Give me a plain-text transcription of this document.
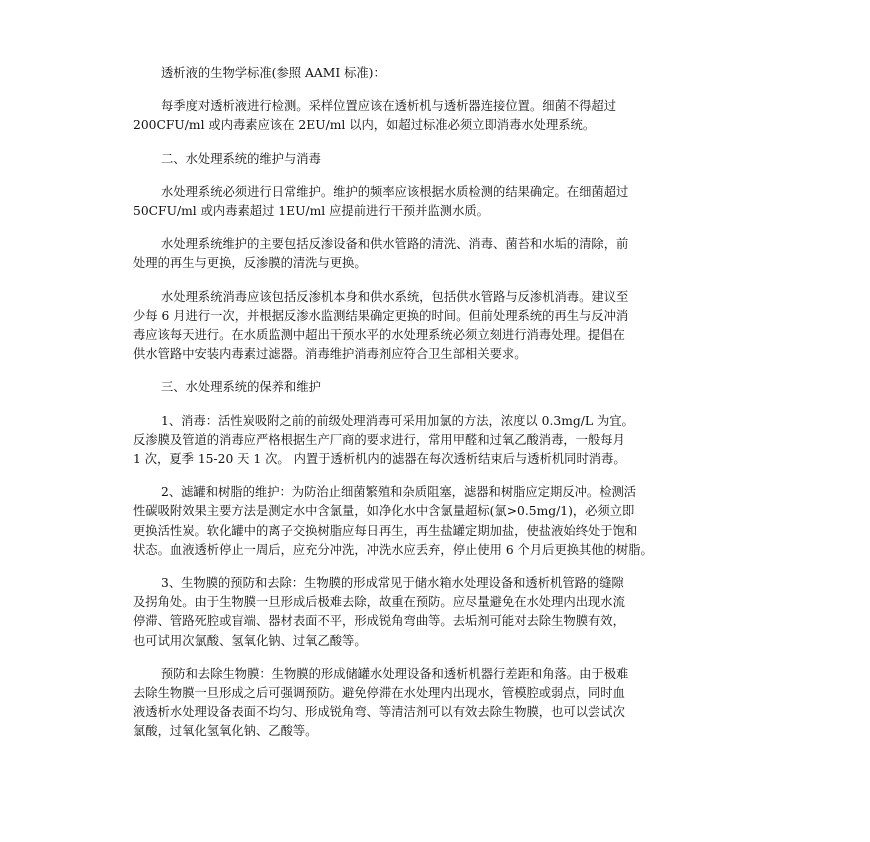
透析液的生物学标准(参照 AAMI 标准)：

每季度对透析液进行检测。采样位置应该在透析机与透析器连接位置。细菌不得超过
200CFU/ml 或内毒素应该在 2EU/ml 以内，如超过标准必须立即消毒水处理系统。

二、水处理系统的维护与消毒

水处理系统必须进行日常维护。维护的频率应该根据水质检测的结果确定。在细菌超过
50CFU/ml 或内毒素超过 1EU/ml 应提前进行干预并监测水质。

水处理系统维护的主要包括反渗设备和供水管路的清洗、消毒、菌苔和水垢的清除，前
处理的再生与更换，反渗膜的清洗与更换。

水处理系统消毒应该包括反渗机本身和供水系统，包括供水管路与反渗机消毒。建议至
少每 6 月进行一次，并根据反渗水监测结果确定更换的时间。但前处理系统的再生与反冲消
毒应该每天进行。在水质监测中超出干预水平的水处理系统必须立刻进行消毒处理。提倡在
供水管路中安装内毒素过滤器。消毒维护消毒剂应符合卫生部相关要求。

三、水处理系统的保养和维护

1、消毒：活性炭吸附之前的前级处理消毒可采用加氯的方法，浓度以 0.3mg/L 为宜。
反渗膜及管道的消毒应严格根据生产厂商的要求进行，常用甲醛和过氧乙酸消毒，一般每月
1 次，夏季 15-20 天 1 次。 内置于透析机内的滤器在每次透析结束后与透析机同时消毒。

2、滤罐和树脂的维护：为防治止细菌繁殖和杂质阻塞，滤器和树脂应定期反冲。检测活
性碳吸附效果主要方法是测定水中含氯量，如净化水中含氯量超标(氯>0.5mg/1)，必须立即
更换活性炭。软化罐中的离子交换树脂应每日再生，再生盐罐定期加盐，使盐液始终处于饱和
状态。血液透析停止一周后，应充分冲洗，冲洗水应丢弃，停止使用 6 个月后更换其他的树脂。

3、生物膜的预防和去除：生物膜的形成常见于储水箱水处理设备和透析机管路的缝隙
及拐角处。由于生物膜一旦形成后极难去除，故重在预防。应尽量避免在水处理内出现水流
停滞、管路死腔或盲端、器材表面不平，形成锐角弯曲等。去垢剂可能对去除生物膜有效，
也可试用次氯酸、氢氧化钠、过氧乙酸等。

预防和去除生物膜：生物膜的形成储罐水处理设备和透析机器行差距和角落。由于极难
去除生物膜一旦形成之后可强调预防。避免停滞在水处理内出现水，管模腔或弱点，同时血
液透析水处理设备表面不均匀、形成锐角弯、等清洁剂可以有效去除生物膜，也可以尝试次
氯酸，过氧化氢氧化钠、乙酸等。
